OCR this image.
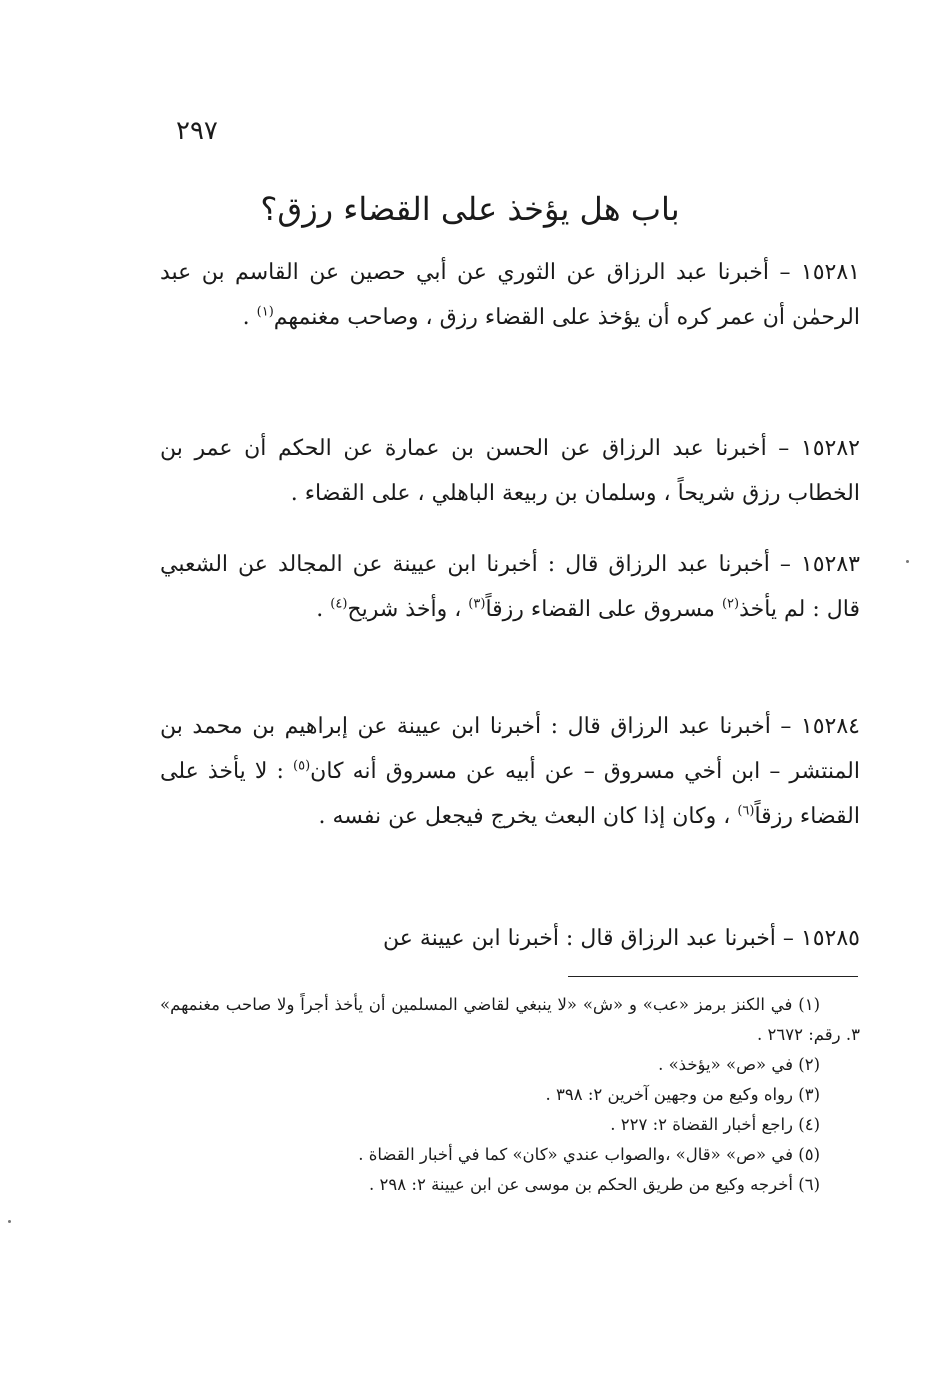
٢٩٧
باب هل يؤخذ على القضاء رزق؟

١٥٢٨١ – أخبرنا عبد الرزاق عن الثوري عن أبي حصين عن القاسم بن عبد الرحمٰن أن عمر كره أن يؤخذ على القضاء رزق ، وصاحب مغنمهم$^{(١)}$ .

١٥٢٨٢ – أخبرنا عبد الرزاق عن الحسن بن عمارة عن الحكم أن عمر بن الخطاب رزق شريحاً ، وسلمان بن ربيعة الباهلي ، على القضاء .

١٥٢٨٣ – أخبرنا عبد الرزاق قال : أخبرنا ابن عيينة عن المجالد عن الشعبي قال : لم يأخذ$^{(٢)}$ مسروق على القضاء رزقاً$^{(٣)}$ ، وأخذ شريح$^{(٤)}$ .

١٥٢٨٤ – أخبرنا عبد الرزاق قال : أخبرنا ابن عيينة عن إبراهيم بن محمد بن المنتشر – ابن أخي مسروق – عن أبيه عن مسروق أنه كان$^{(٥)}$ : لا يأخذ على القضاء رزقاً$^{(٦)}$ ، وكان إذا كان البعث يخرج فيجعل عن نفسه .

١٥٢٨٥ – أخبرنا عبد الرزاق قال : أخبرنا ابن عيينة عن

(١) في الكنز برمز «عب» و «ش» «لا ينبغي لقاضي المسلمين أن يأخذ أجراً ولا صاحب مغنمهم» ٣. رقم: ٢٦٧٢ .
(٢) في «ص» «يؤخذ» .
(٣) رواه وكيع من وجهين آخرين ٢: ٣٩٨ .
(٤) راجع أخبار القضاة ٢: ٢٢٧ .
(٥) في «ص» «قال» ،والصواب عندي «كان» كما في أخبار القضاة .
(٦) أخرجه وكيع من طريق الحكم بن موسى عن ابن عيينة ٢: ٢٩٨ .
